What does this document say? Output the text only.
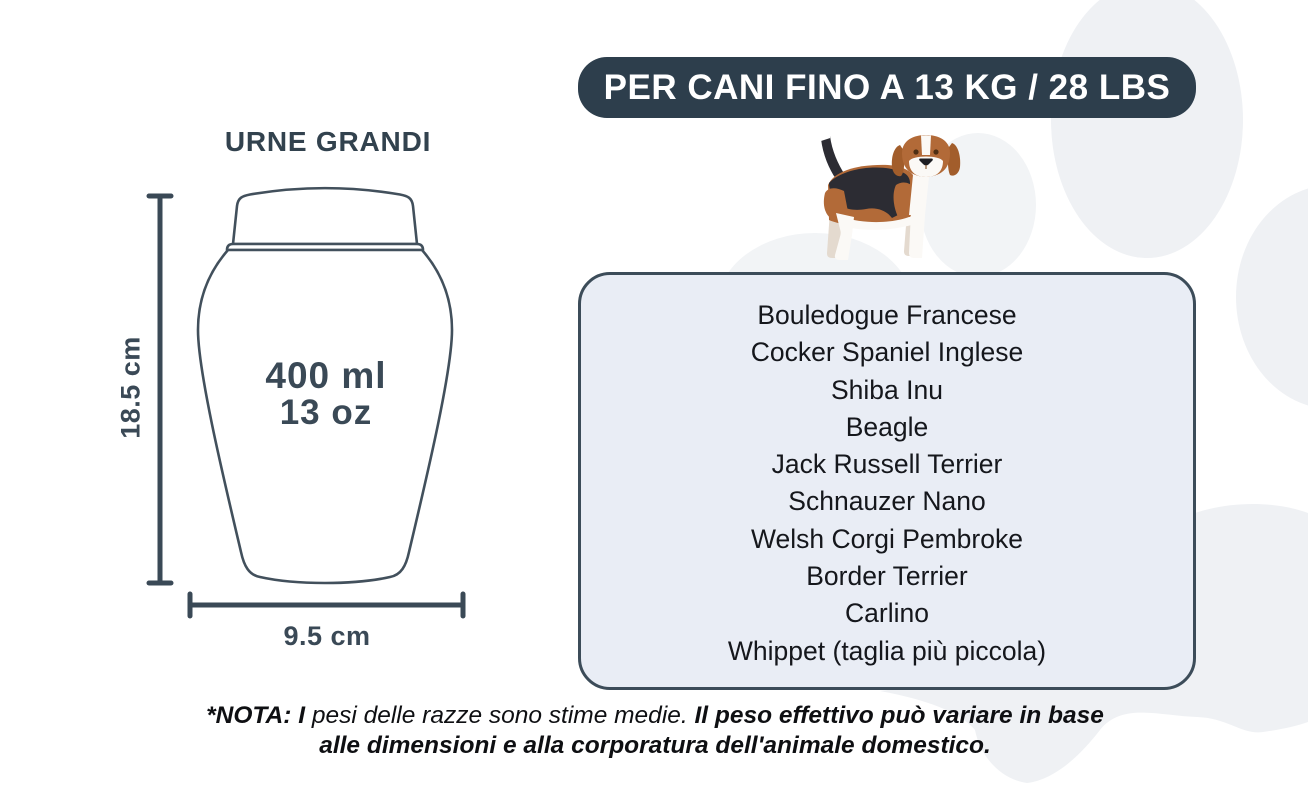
URNE GRANDI
400 ml
13 oz
18.5 cm
9.5 cm
PER CANI FINO A 13 KG / 28 LBS
Bouledogue Francese
Cocker Spaniel Inglese
Shiba Inu
Beagle
Jack Russell Terrier
Schnauzer Nano
Welsh Corgi Pembroke
Border Terrier
Carlino
Whippet (taglia più piccola)
*NOTA: I pesi delle razze sono stime medie. Il peso effettivo può variare in base
alle dimensioni e alla corporatura dell'animale domestico.
